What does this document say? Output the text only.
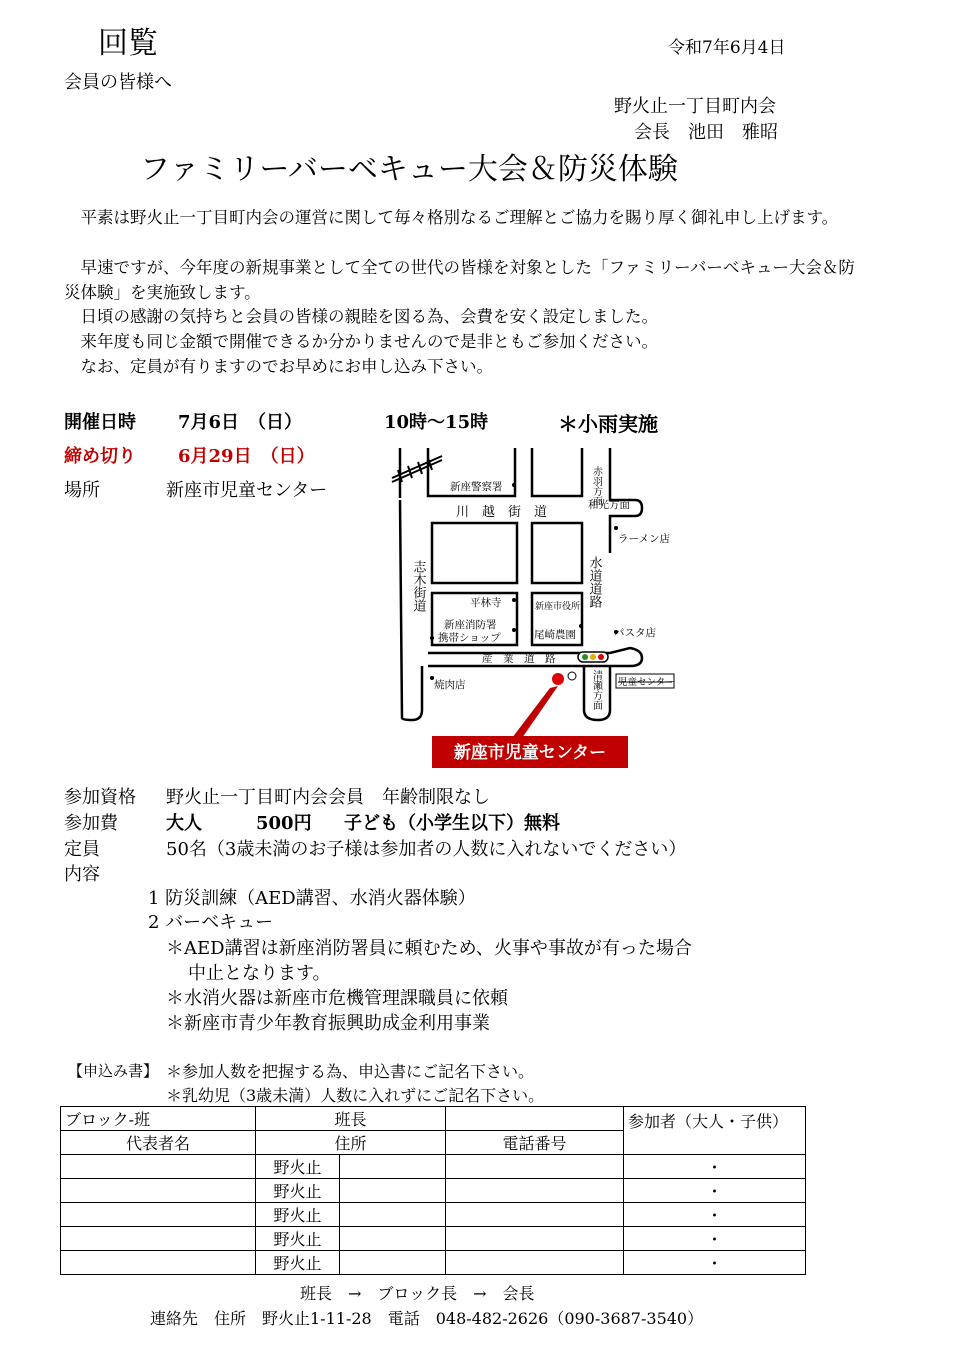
回覧	令和7年6月4日
会員の皆様へ
野火止一丁目町内会
会長　池田　雅昭
ファミリーバーベキュー大会＆防災体験
平素は野火止一丁目町内会の運営に関して毎々格別なるご理解とご協力を賜り厚く御礼申し上げます。
早速ですが、今年度の新規事業として全ての世代の皆様を対象とした「ファミリーバーベキュー大会＆防災体験」を実施致します。
日頃の感謝の気持ちと会員の皆様の親睦を図る為、会費を安く設定しました。
来年度も同じ金額で開催できるか分かりませんので是非ともご参加ください。
なお、定員が有りますのでお早めにお申し込み下さい。
開催日時 7月6日　（日）	10時～15時	＊小雨実施
締め切り 6月29日　（日）
場所	新座市児童センター	新座警察署
川　越　街　道	和光方面
ラーメン店
平林寺	新座市役所
新座消防署
携帯ショップ	尾崎農園	パスタ店
産　業　道　路
焼肉店	児童センター
赤羽方面
志木街道	水道道路
清瀬方面
新座市児童センター
参加資格 野火止一丁目町内会会員　年齢制限なし
参加費	大人	500円 子ども（小学生以下）無料
定員	50名（3歳未満のお子様は参加者の人数に入れないでください）
内容
1 防災訓練（AED講習、水消火器体験）
2 バーベキュー
＊AED講習は新座消防署員に頼むため、火事や事故が有った場合
中止となります。
＊水消火器は新座市危機管理課職員に依頼
＊新座市青少年教育振興助成金利用事業
【申込み書】 ＊参加人数を把握する為、申込書にご記名下さい。
＊乳幼児（3歳未満）人数に入れずにご記名下さい。
ブロック-班	班長			参加者（大人・子供）
代表者名	住所		電話番号	
	野火止			・
	野火止			・
	野火止			・
	野火止			・
	野火止			・
班長　→　ブロック長　→　会長
連絡先　住所　野火止1-11-28　電話　048-482-2626（090-3687-3540）
